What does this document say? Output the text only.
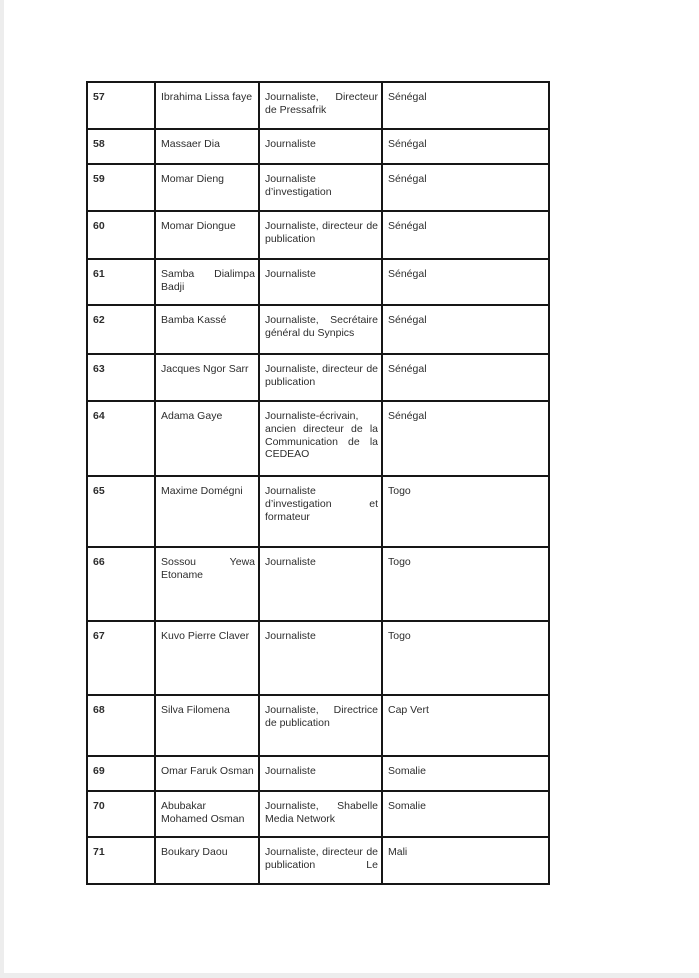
57	Ibrahima Lissa faye	Journaliste, Directeur de Pressafrik	Sénégal
58	Massaer Dia	Journaliste	Sénégal
59	Momar Dieng	Journaliste d’investigation	Sénégal
60	Momar Diongue	Journaliste, directeur de publication	Sénégal
61	Samba Dialimpa Badji	Journaliste	Sénégal
62	Bamba Kassé	Journaliste, Secrétaire général du Synpics	Sénégal
63	Jacques Ngor Sarr	Journaliste, directeur de publication	Sénégal
64	Adama Gaye	Journaliste-écrivain, ancien directeur de la Communication de la CEDEAO	Sénégal
65	Maxime Domégni	Journaliste d’investigation et formateur	Togo
66	Sossou Yewa Etoname	Journaliste	Togo
67	Kuvo Pierre Claver	Journaliste	Togo
68	Silva Filomena	Journaliste, Directrice de publication	Cap Vert
69	Omar Faruk Osman	Journaliste	Somalie
70	Abubakar Mohamed Osman	Journaliste, Shabelle Media Network	Somalie
71	Boukary Daou	Journaliste, directeur de publication Le	Mali
